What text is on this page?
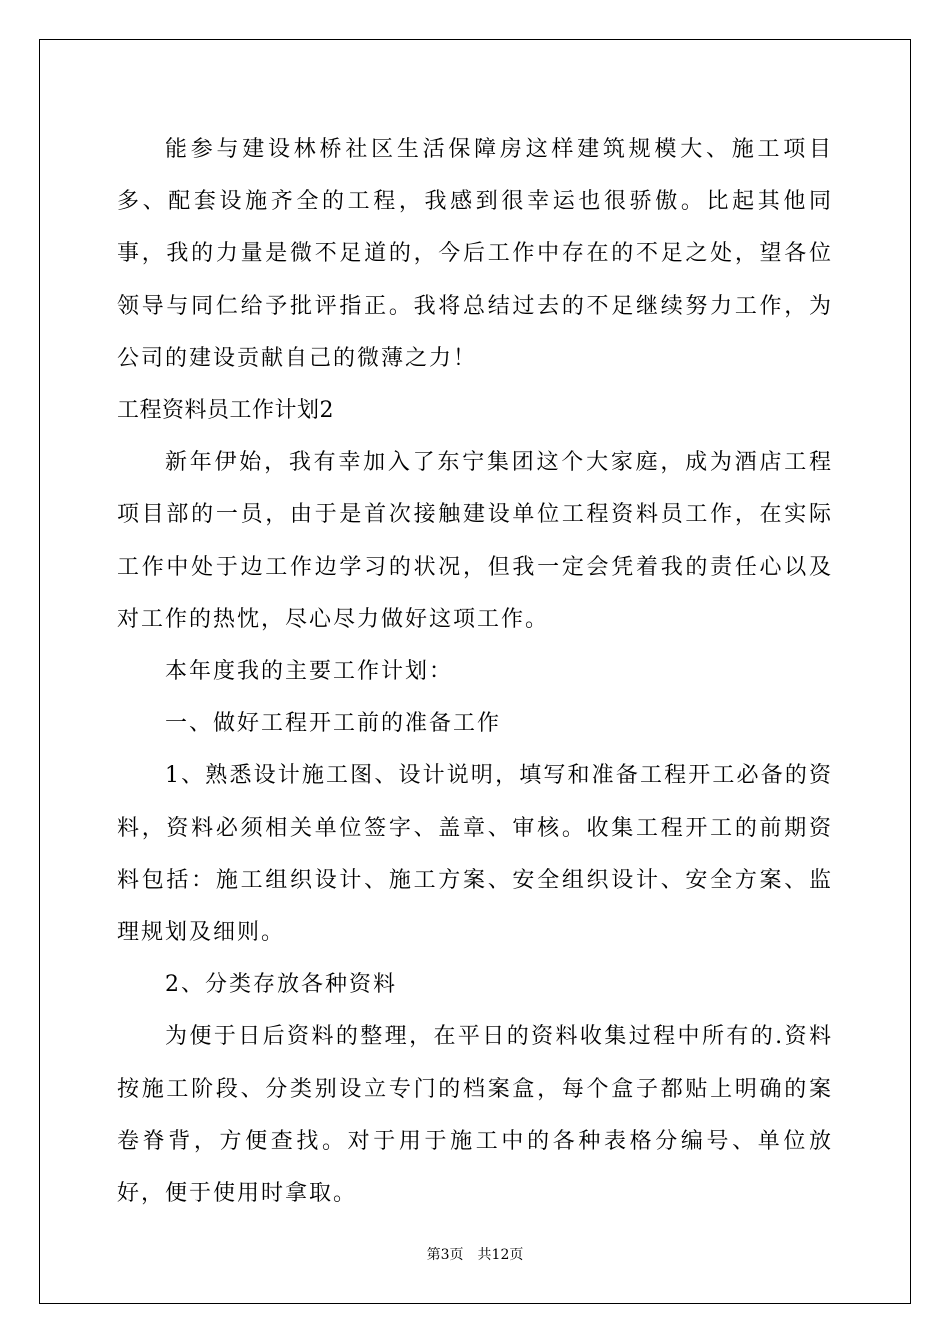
能参与建设林桥社区生活保障房这样建筑规模大、施工项目多、配套设施齐全的工程，我感到很幸运也很骄傲。比起其他同事，我的力量是微不足道的，今后工作中存在的不足之处，望各位领导与同仁给予批评指正。我将总结过去的不足继续努力工作，为公司的建设贡献自己的微薄之力！

工程资料员工作计划2

新年伊始，我有幸加入了东宁集团这个大家庭，成为酒店工程项目部的一员，由于是首次接触建设单位工程资料员工作，在实际工作中处于边工作边学习的状况，但我一定会凭着我的责任心以及对工作的热忱，尽心尽力做好这项工作。

本年度我的主要工作计划：

一、做好工程开工前的准备工作

1、熟悉设计施工图、设计说明，填写和准备工程开工必备的资料，资料必须相关单位签字、盖章、审核。收集工程开工的前期资料包括：施工组织设计、施工方案、安全组织设计、安全方案、监理规划及细则。

2、分类存放各种资料

为便于日后资料的整理，在平日的资料收集过程中所有的.资料按施工阶段、分类别设立专门的档案盒，每个盒子都贴上明确的案卷脊背，方便查找。对于用于施工中的各种表格分编号、单位放好，便于使用时拿取。

第3页 共12页
